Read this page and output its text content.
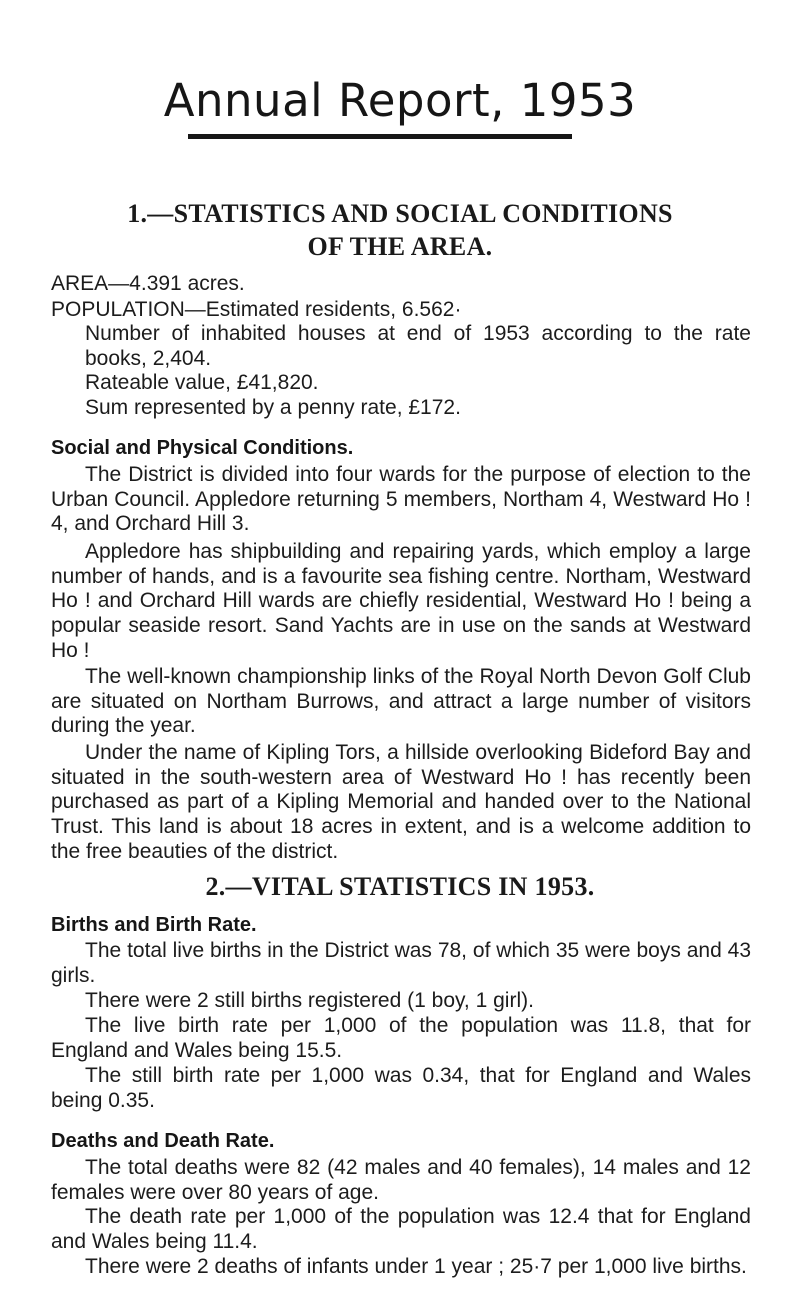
Annual Report, 1953
1.—STATISTICS AND SOCIAL CONDITIONS
OF THE AREA.

AREA—4.391 acres.

POPULATION—Estimated residents, 6.562·

Number of inhabited houses at end of 1953 according to the rate books, 2,404.

Rateable value, £41,820.

Sum represented by a penny rate, £172.

Social and Physical Conditions.

The District is divided into four wards for the purpose of election to the Urban Council. Appledore returning 5 members, Northam 4, Westward Ho ! 4, and Orchard Hill 3.

Appledore has shipbuilding and repairing yards, which employ a large number of hands, and is a favourite sea fishing centre. Northam, Westward Ho ! and Orchard Hill wards are chiefly residential, Westward Ho ! being a popular seaside resort. Sand Yachts are in use on the sands at Westward Ho !

The well-known championship links of the Royal North Devon Golf Club are situated on Northam Burrows, and attract a large number of visitors during the year.

Under the name of Kipling Tors, a hillside overlooking Bideford Bay and situated in the south-western area of Westward Ho ! has recently been purchased as part of a Kipling Memorial and handed over to the National Trust. This land is about 18 acres in extent, and is a welcome addition to the free beauties of the district.

2.—VITAL STATISTICS IN 1953.
Births and Birth Rate.

The total live births in the District was 78, of which 35 were boys and 43 girls.

There were 2 still births registered (1 boy, 1 girl).

The live birth rate per 1,000 of the population was 11.8, that for England and Wales being 15.5.

The still birth rate per 1,000 was 0.34, that for England and Wales being 0.35.

Deaths and Death Rate.

The total deaths were 82 (42 males and 40 females), 14 males and 12 females were over 80 years of age.

The death rate per 1,000 of the population was 12.4 that for England and Wales being 11.4.

There were 2 deaths of infants under 1 year ; 25·7 per 1,000 live births.
